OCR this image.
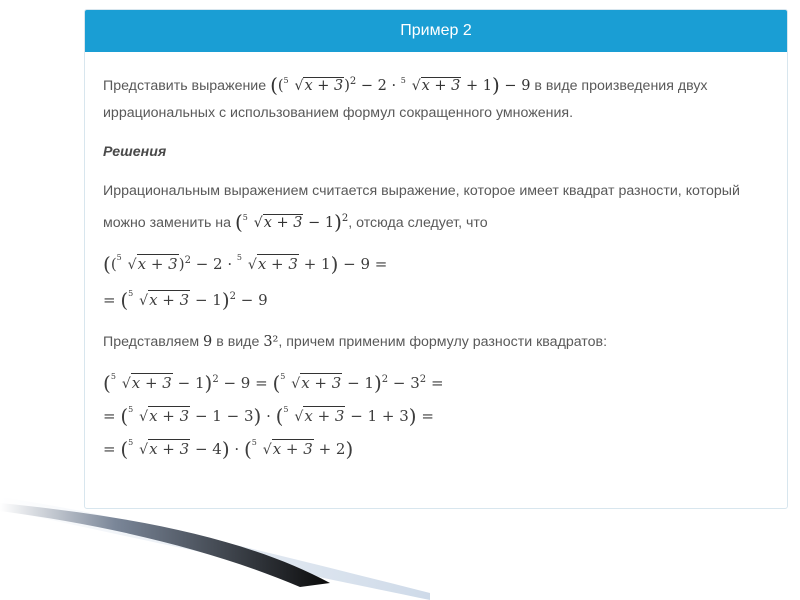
Пример 2

Представить выражение (( 5 √x + 3)$^2$ − 2 · 5 √x + 3 + 1) − 9 в виде произведения двух иррациональных с использованием формул сокращенного умножения.

Решения

Иррациональным выражением считается выражение, которое имеет квадрат разности, который можно заменить на ( 5 √x + 3 − 1)$^2$, отсюда следует, что

(( 5 √x + 3)$^2$ − 2 · 5 √x + 3 + 1) − 9 =
= ( 5 √x + 3 − 1)$^2$ − 9

Представляем 9 в виде 3², причем применим формулу разности квадратов:

( 5 √x + 3 − 1)$^2$ − 9 = ( 5 $√x + 3 - 1)^2 - 3^2$ =
= ( 5 √x + 3 − 1 − 3) · ( 5 √x + 3 − 1 + 3) =
= ( 5 √x + 3 − 4) · ( 5 √x + 3 + 2)
